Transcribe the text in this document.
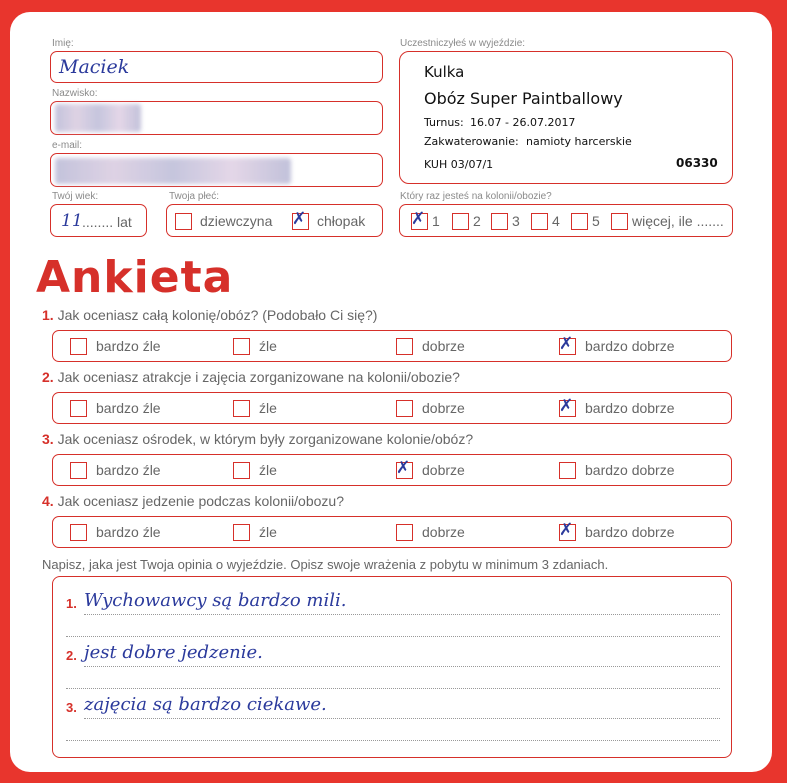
Imię:
Maciek
Nazwisko:
e-mail:
Twój wiek:
11 ........ lat
Twoja płeć:
dziewczyna ✗ chłopak
Uczestniczyłeś w wyjeździe:
Kulka
Obóz Super Paintballowy
Turnus: 16.07 - 26.07.2017
Zakwaterowanie: namioty harcerskie
KUH 03/07/1	06330
Który raz jesteś na kolonii/obozie?
Ankieta
Napisz, jaka jest Twoja opinia o wyjeździe. Opisz swoje wrażenia z pobytu w minimum 3 zdaniach.
✗ 1 2 3 4 5 więcej, ile .......
1. Jak oceniasz całą kolonię/obóz? (Podobało Ci się?)
bardzo źle	źle	dobrze	✗ bardzo dobrze
2. Jak oceniasz atrakcje i zajęcia zorganizowane na kolonii/obozie?
bardzo źle	źle	dobrze	✗ bardzo dobrze
3. Jak oceniasz ośrodek, w którym były zorganizowane kolonie/obóz?
bardzo źle	źle	✗ dobrze	bardzo dobrze
4. Jak oceniasz jedzenie podczas kolonii/obozu?
bardzo źle	źle	dobrze	✗ bardzo dobrze
1. Wychowawcy są bardzo mili.
2. jest dobre jedzenie.
3. zajęcia są bardzo ciekawe.
